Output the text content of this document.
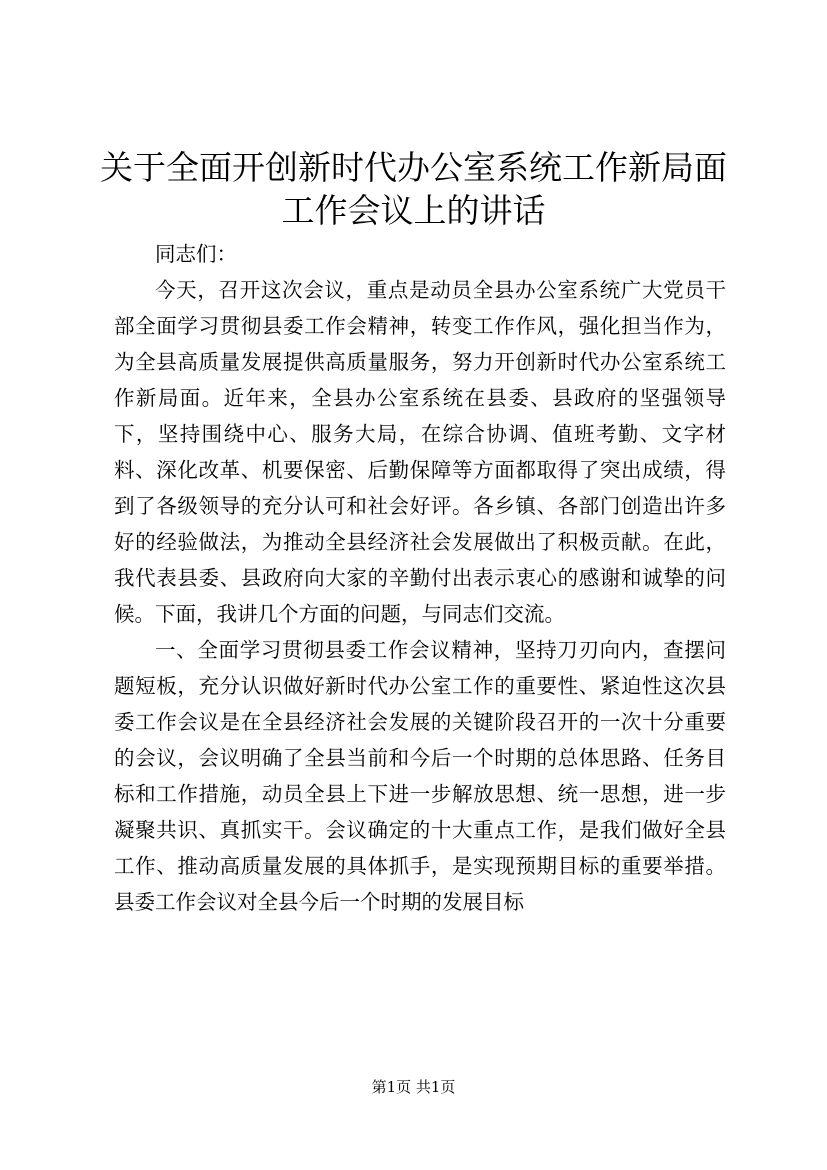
关于全面开创新时代办公室系统工作新局面工作会议上的讲话

同志们：

今天，召开这次会议，重点是动员全县办公室系统广大党员干部全面学习贯彻县委工作会精神，转变工作作风，强化担当作为，为全县高质量发展提供高质量服务，努力开创新时代办公室系统工作新局面。近年来，全县办公室系统在县委、县政府的坚强领导下，坚持围绕中心、服务大局，在综合协调、值班考勤、文字材料、深化改革、机要保密、后勤保障等方面都取得了突出成绩，得到了各级领导的充分认可和社会好评。各乡镇、各部门创造出许多好的经验做法，为推动全县经济社会发展做出了积极贡献。在此，我代表县委、县政府向大家的辛勤付出表示衷心的感谢和诚挚的问候。下面，我讲几个方面的问题，与同志们交流。

一、全面学习贯彻县委工作会议精神，坚持刀刃向内，查摆问题短板，充分认识做好新时代办公室工作的重要性、紧迫性这次县委工作会议是在全县经济社会发展的关键阶段召开的一次十分重要的会议，会议明确了全县当前和今后一个时期的总体思路、任务目标和工作措施，动员全县上下进一步解放思想、统一思想，进一步凝聚共识、真抓实干。会议确定的十大重点工作，是我们做好全县工作、推动高质量发展的具体抓手，是实现预期目标的重要举措。县委工作会议对全县今后一个时期的发展目标

第1页 共1页
